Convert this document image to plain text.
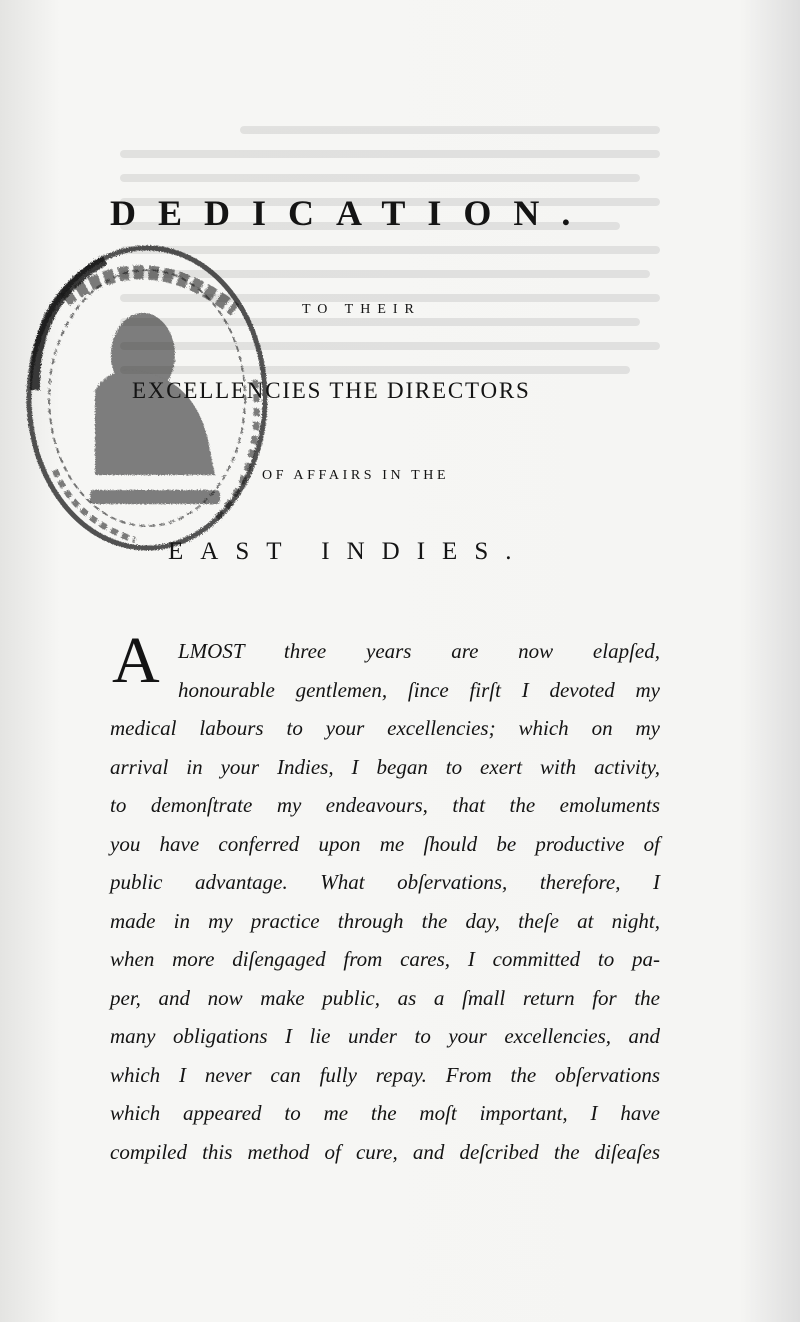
DEDICATION.

TO THEIR

EXCELLENCIES THE DIRECTORS

OF AFFAIRS IN THE

EAST INDIES.

A LMOST three years are now elapſed,
honourable gentlemen, ſince firſt I devoted my
medical labours to your excellencies; which on my
arrival in your Indies, I began to exert with activity,
to demonſtrate my endeavours, that the emoluments
you have conferred upon me ſhould be productive of
public advantage. What obſervations, therefore, I
made in my practice through the day, theſe at night,
when more diſengaged from cares, I committed to pa-
per, and now make public, as a ſmall return for the
many obligations I lie under to your excellencies, and
which I never can fully repay. From the obſervations
which appeared to me the moſt important, I have
compiled this method of cure, and deſcribed the diſeaſes
